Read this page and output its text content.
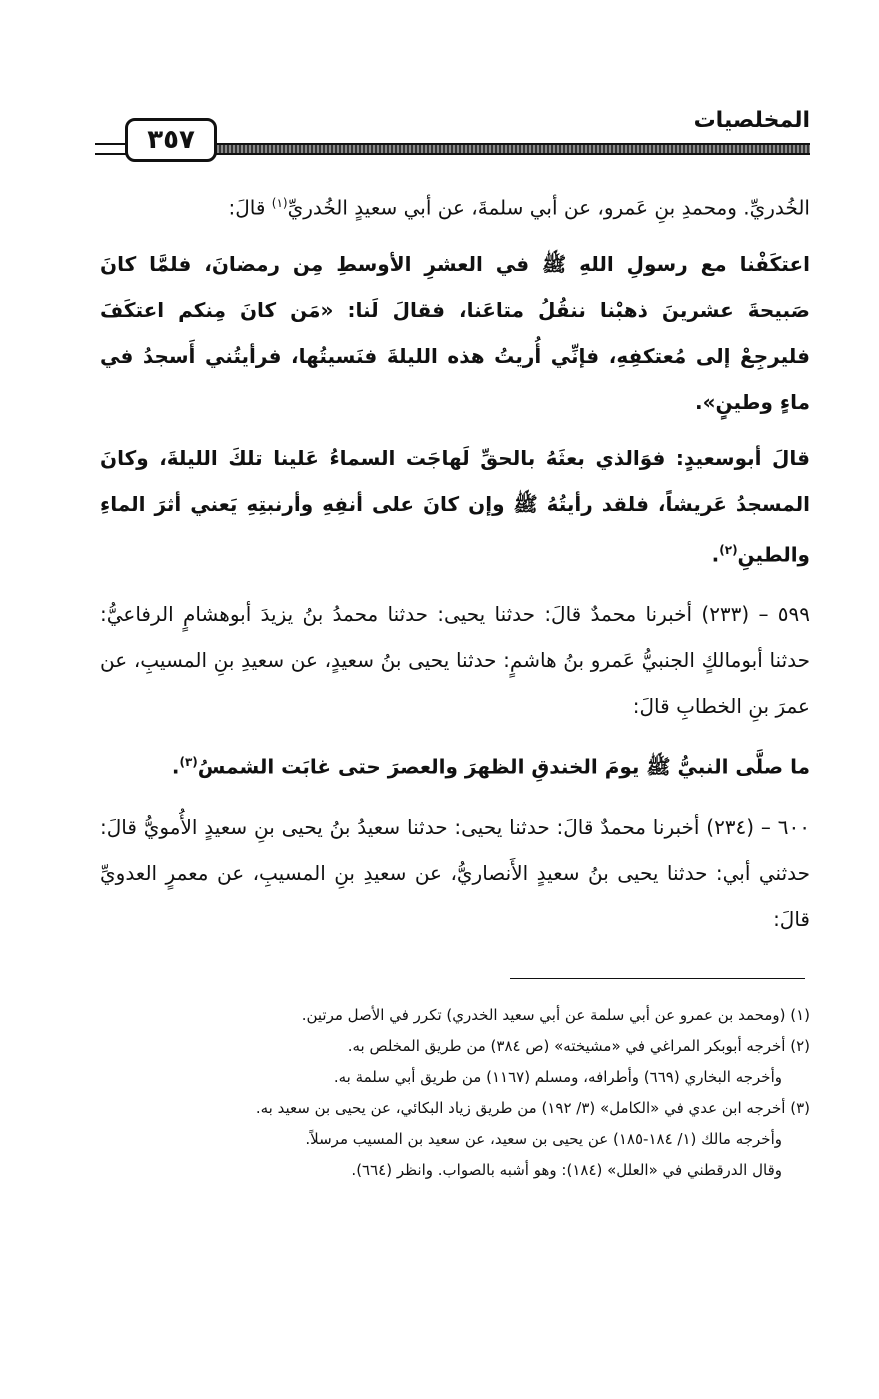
٣٥٧
المخلصيات

الخُدريِّ. ومحمدِ بنِ عَمرو، عن أبي سلمةَ، عن أبي سعيدٍ الخُدريِّ$^{(١)}$ قالَ:

اعتكَفْنا مع رسولِ اللهِ ﷺ في العشرِ الأوسطِ مِن رمضانَ، فلمَّا كانَ صَبيحةَ عشرينَ ذهبْنا ننقُلُ متاعَنا، فقالَ لَنا: «مَن كانَ مِنكم اعتكَفَ فليرجِعْ إلى مُعتكفِهِ، فإنِّي أُريتُ هذه الليلةَ فنَسيتُها، فرأيتُني أَسجدُ في ماءٍ وطينٍ».

قالَ أبوسعيدٍ: فوَالذي بعثَهُ بالحقِّ لَهاجَت السماءُ عَلينا تلكَ الليلةَ، وكانَ المسجدُ عَريشاً، فلقد رأيتُهُ ﷺ وإن كانَ على أنفِهِ وأرنبتِهِ يَعني أثرَ الماءِ والطينِ$^{(٢)}$.

٥٩٩ – (٢٣٣) أخبرنا محمدٌ قالَ: حدثنا يحيى: حدثنا محمدُ بنُ يزيدَ أبوهشامٍ الرفاعيُّ: حدثنا أبومالكٍ الجنبيُّ عَمرو بنُ هاشمٍ: حدثنا يحيى بنُ سعيدٍ، عن سعيدِ بنِ المسيبِ، عن عمرَ بنِ الخطابِ قالَ:

ما صلَّى النبيُّ ﷺ يومَ الخندقِ الظهرَ والعصرَ حتى غابَت الشمسُ$^{(٣)}$.

٦٠٠ – (٢٣٤) أخبرنا محمدٌ قالَ: حدثنا يحيى: حدثنا سعيدُ بنُ يحيى بنِ سعيدٍ الأُمويُّ قالَ: حدثني أبي: حدثنا يحيى بنُ سعيدٍ الأَنصاريُّ، عن سعيدِ بنِ المسيبِ، عن معمرٍ العدويِّ قالَ:

(١) (ومحمد بن عمرو عن أبي سلمة عن أبي سعيد الخدري) تكرر في الأصل مرتين.

(٢) أخرجه أبوبكر المراغي في «مشيخته» (ص ٣٨٤) من طريق المخلص به.

وأخرجه البخاري (٦٦٩) وأطرافه، ومسلم (١١٦٧) من طريق أبي سلمة به.

(٣) أخرجه ابن عدي في «الكامل» (٣/ ١٩٢) من طريق زياد البكائي، عن يحيى بن سعيد به.

وأخرجه مالك (١/ ١٨٤-١٨٥) عن يحيى بن سعيد، عن سعيد بن المسيب مرسلاً.

وقال الدرقطني في «العلل» (١٨٤): وهو أشبه بالصواب. وانظر (٦٦٤).
